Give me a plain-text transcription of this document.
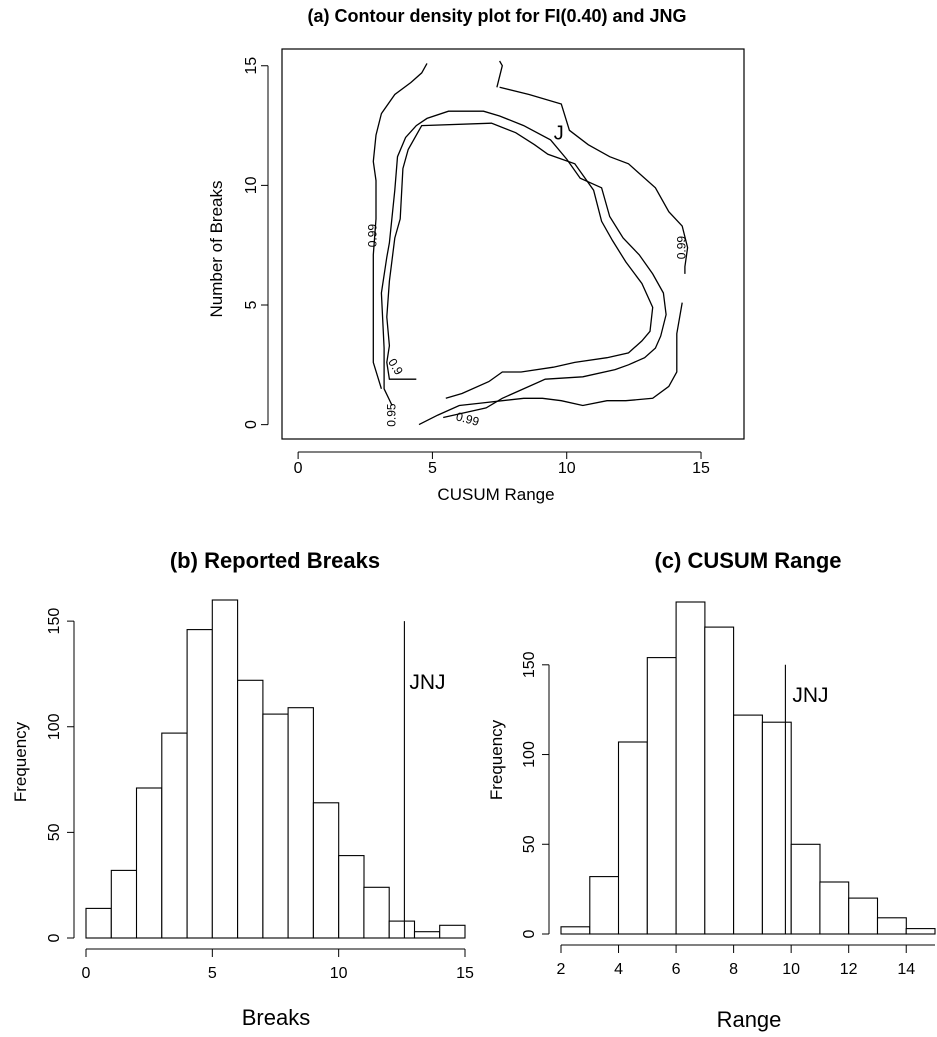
(a) Contour density plot for FI(0.40) and JNG
0.9
0.95	0.99
0.99
0.99
0	5	10	15
0
5
10
15
J
CUSUM Range
Number of Breaks
(b) Reported Breaks
0	5	10	15
0
50
100
150
JNJ
Breaks
Frequency
(c) CUSUM Range
2	4	6	8	10 12 14
0
50
100
150
JNJ
Range
Frequency
